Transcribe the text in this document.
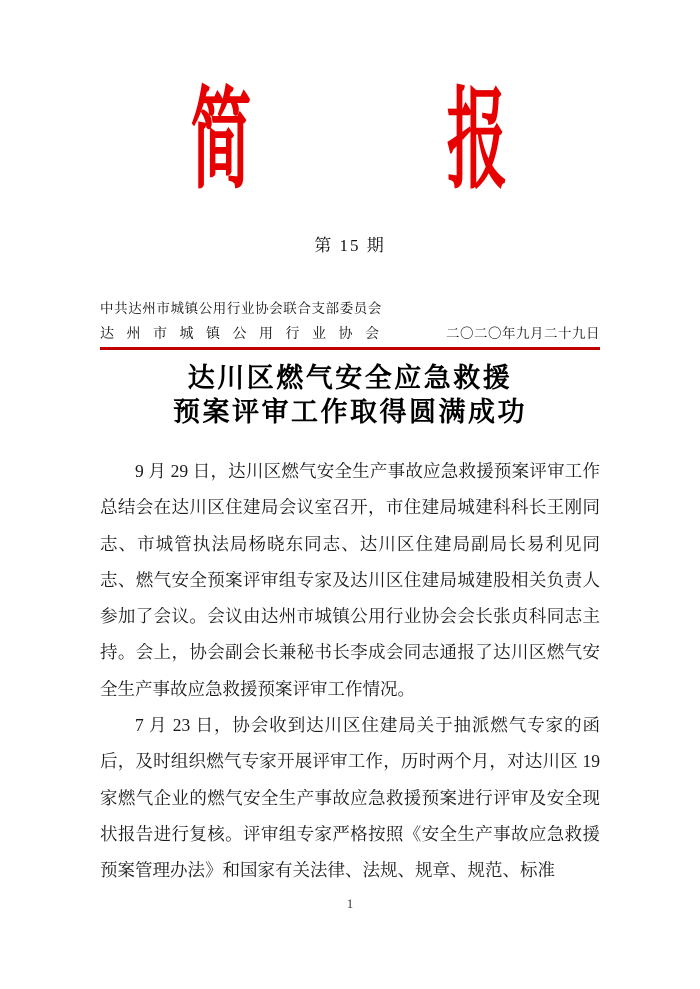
简 报
第 15 期
中共达州市城镇公用行业协会联合支部委员会
达州市城镇公用行业协会	二〇二〇年九月二十九日
达川区燃气安全应急救援
预案评审工作取得圆满成功

9 月 29 日，达川区燃气安全生产事故应急救援预案评审工作总结会在达川区住建局会议室召开，市住建局城建科科长王刚同志、市城管执法局杨晓东同志、达川区住建局副局长易利见同志、燃气安全预案评审组专家及达川区住建局城建股相关负责人参加了会议。会议由达州市城镇公用行业协会会长张贞科同志主持。会上，协会副会长兼秘书长李成会同志通报了达川区燃气安全生产事故应急救援预案评审工作情况。

7 月 23 日，协会收到达川区住建局关于抽派燃气专家的函后，及时组织燃气专家开展评审工作，历时两个月，对达川区 19 家燃气企业的燃气安全生产事故应急救援预案进行评审及安全现状报告进行复核。评审组专家严格按照《安全生产事故应急救援预案管理办法》和国家有关法律、法规、规章、规范、标准

1
